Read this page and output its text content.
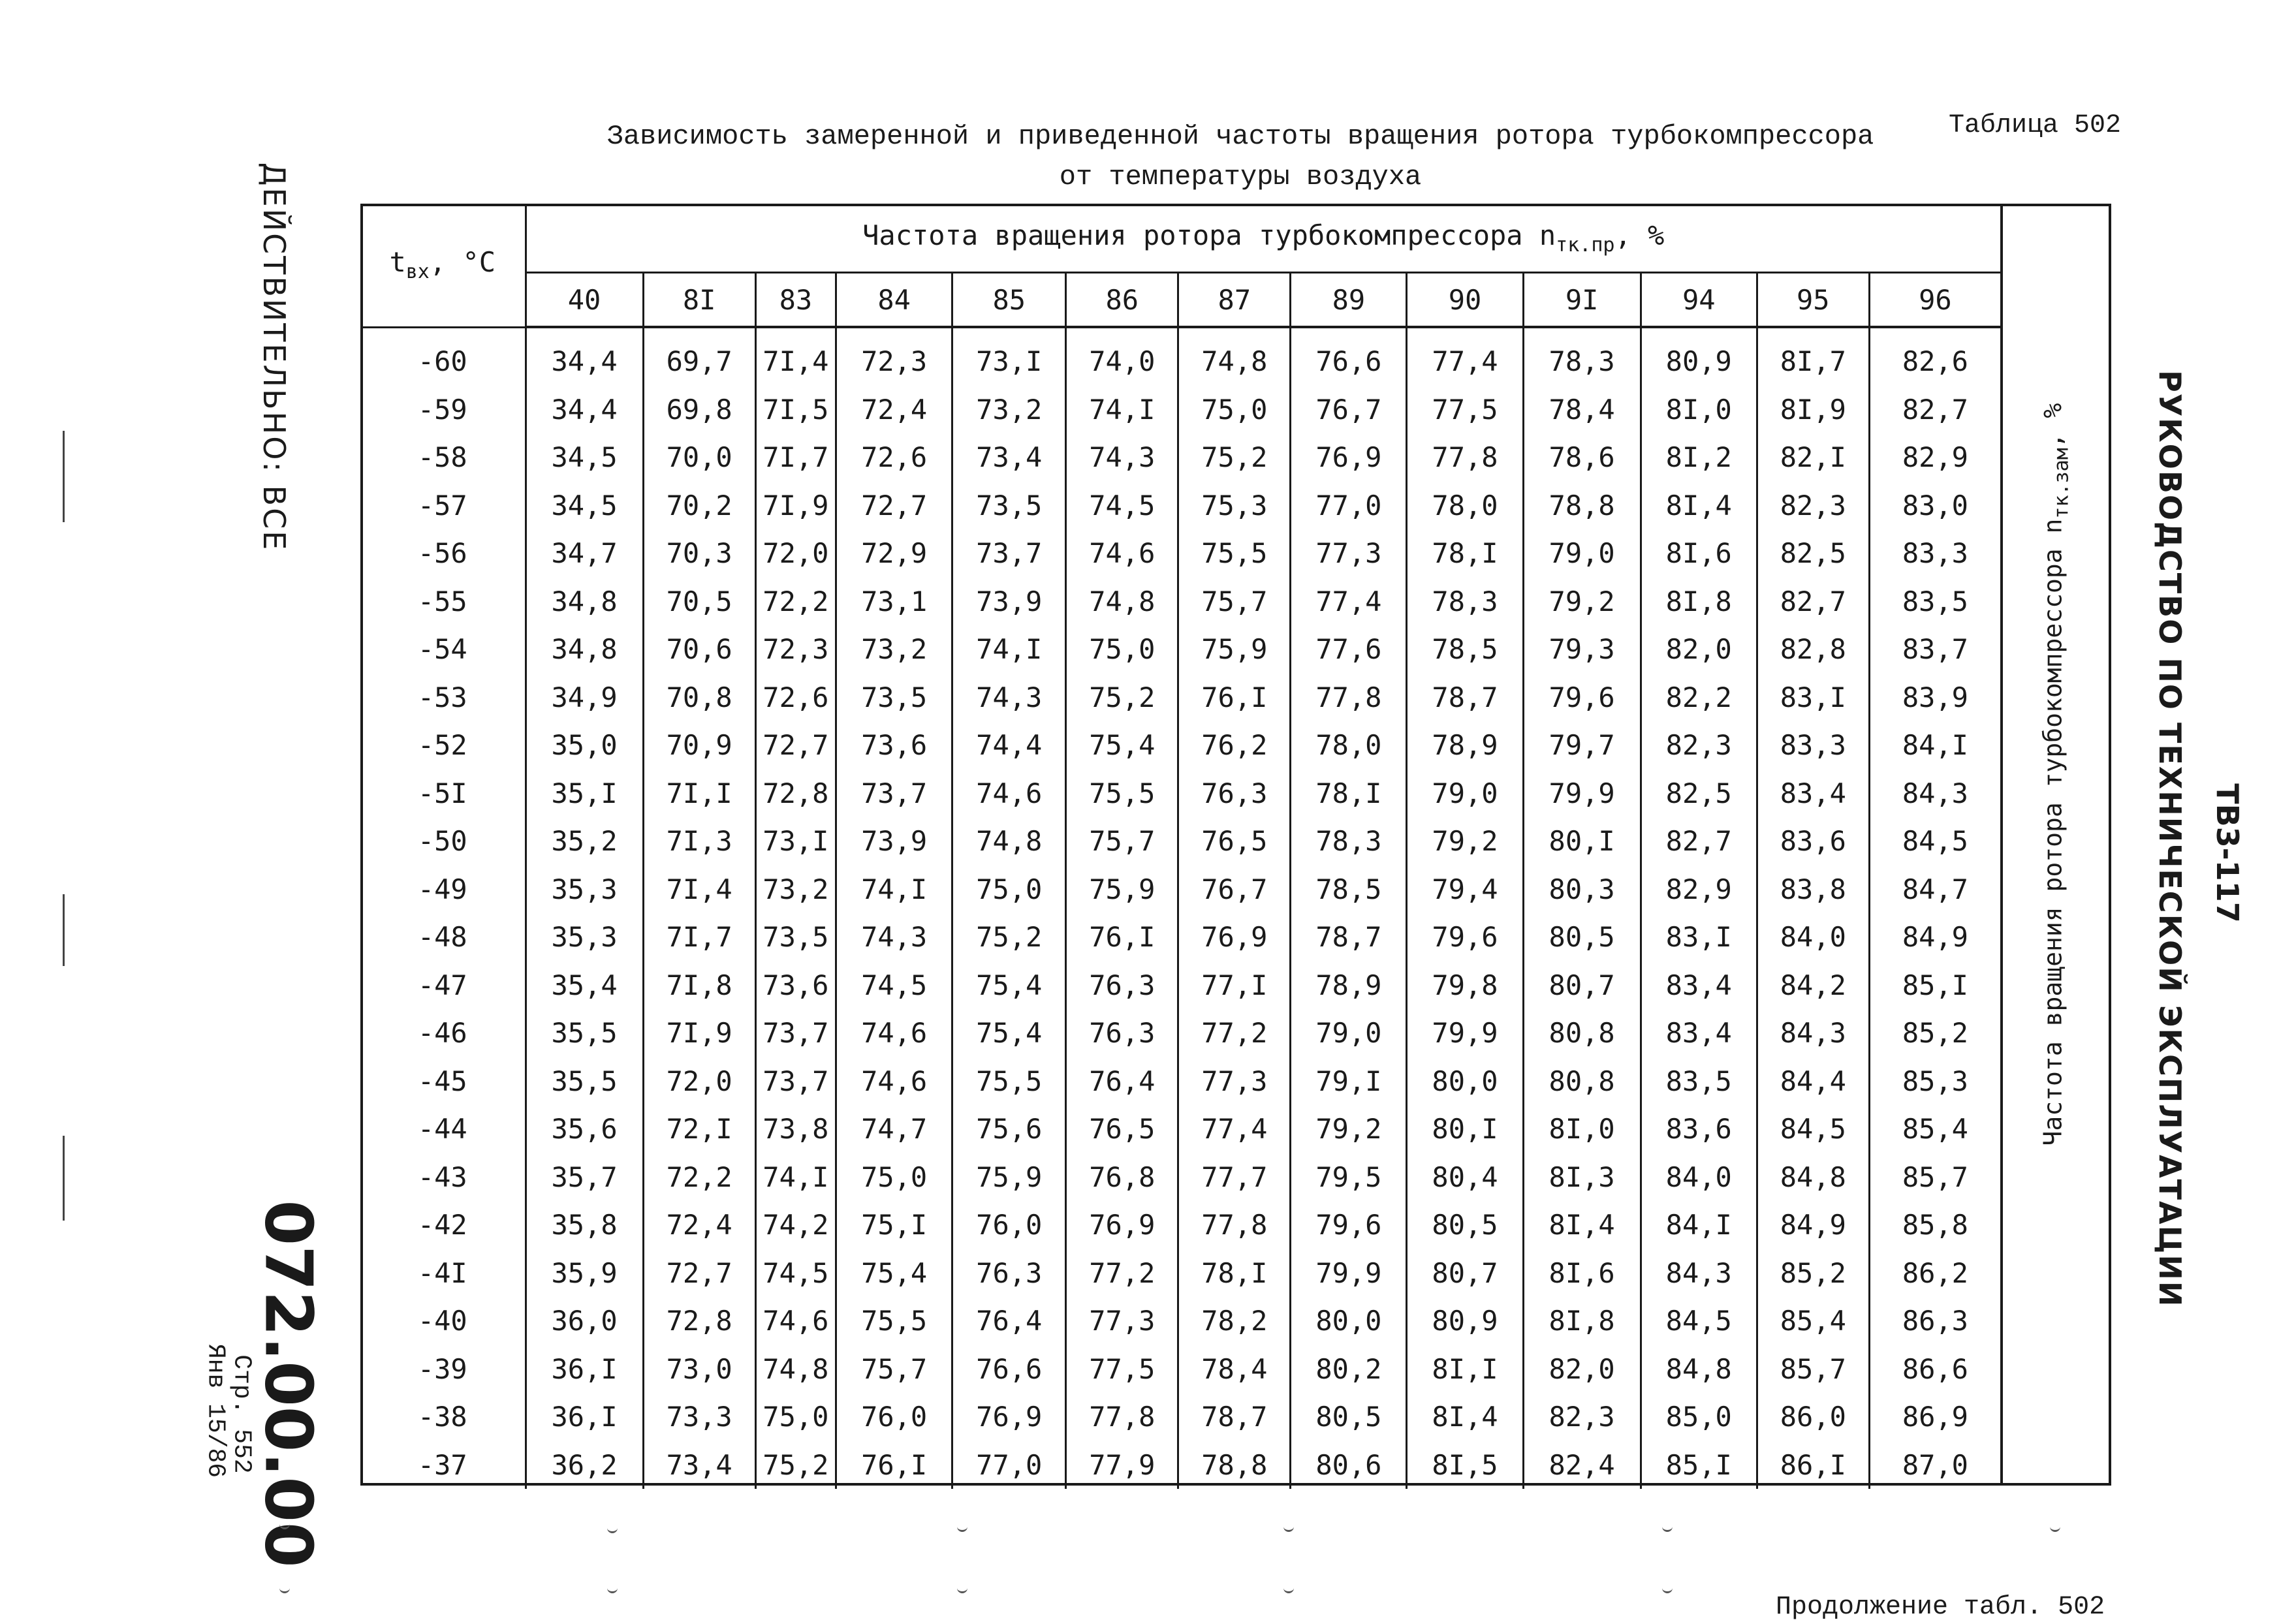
Зависимость замеренной и приведенной частоты вращения ротора турбокомпрессора
от температуры воздуха
Таблица 502
$t_{вх}$, °C	Частота вращения ротора турбокомпрессора $n_{тк.пр}$, %												
	40	8I	83	84	85	86	87	89	90	9I	94	95	96

-60	34,4	69,7	7I,4	72,3	73,I	74,0	74,8	76,6	77,4	78,3	80,9	8I,7	82,6
-59	34,4	69,8	7I,5	72,4	73,2	74,I	75,0	76,7	77,5	78,4	8I,0	8I,9	82,7
-58	34,5	70,0	7I,7	72,6	73,4	74,3	75,2	76,9	77,8	78,6	8I,2	82,I	82,9
-57	34,5	70,2	7I,9	72,7	73,5	74,5	75,3	77,0	78,0	78,8	8I,4	82,3	83,0
-56	34,7	70,3	72,0	72,9	73,7	74,6	75,5	77,3	78,I	79,0	8I,6	82,5	83,3
-55	34,8	70,5	72,2	73,1	73,9	74,8	75,7	77,4	78,3	79,2	8I,8	82,7	83,5
-54	34,8	70,6	72,3	73,2	74,I	75,0	75,9	77,6	78,5	79,3	82,0	82,8	83,7
-53	34,9	70,8	72,6	73,5	74,3	75,2	76,I	77,8	78,7	79,6	82,2	83,I	83,9
-52	35,0	70,9	72,7	73,6	74,4	75,4	76,2	78,0	78,9	79,7	82,3	83,3	84,I
-5I	35,I	7I,I	72,8	73,7	74,6	75,5	76,3	78,I	79,0	79,9	82,5	83,4	84,3
-50	35,2	7I,3	73,I	73,9	74,8	75,7	76,5	78,3	79,2	80,I	82,7	83,6	84,5
-49	35,3	7I,4	73,2	74,I	75,0	75,9	76,7	78,5	79,4	80,3	82,9	83,8	84,7
-48	35,3	7I,7	73,5	74,3	75,2	76,I	76,9	78,7	79,6	80,5	83,I	84,0	84,9
-47	35,4	7I,8	73,6	74,5	75,4	76,3	77,I	78,9	79,8	80,7	83,4	84,2	85,I
-46	35,5	7I,9	73,7	74,6	75,4	76,3	77,2	79,0	79,9	80,8	83,4	84,3	85,2
-45	35,5	72,0	73,7	74,6	75,5	76,4	77,3	79,I	80,0	80,8	83,5	84,4	85,3
-44	35,6	72,I	73,8	74,7	75,6	76,5	77,4	79,2	80,I	8I,0	83,6	84,5	85,4
-43	35,7	72,2	74,I	75,0	75,9	76,8	77,7	79,5	80,4	8I,3	84,0	84,8	85,7
-42	35,8	72,4	74,2	75,I	76,0	76,9	77,8	79,6	80,5	8I,4	84,I	84,9	85,8
-4I	35,9	72,7	74,5	75,4	76,3	77,2	78,I	79,9	80,7	8I,6	84,3	85,2	86,2
-40	36,0	72,8	74,6	75,5	76,4	77,3	78,2	80,0	80,9	8I,8	84,5	85,4	86,3
-39	36,I	73,0	74,8	75,7	76,6	77,5	78,4	80,2	8I,I	82,0	84,8	85,7	86,6
-38	36,I	73,3	75,0	76,0	76,9	77,8	78,7	80,5	8I,4	82,3	85,0	86,0	86,9
-37	36,2	73,4	75,2	76,I	77,0	77,9	78,8	80,6	8I,5	82,4	85,I	86,I	87,0
Частота вращения ротора турбокомпрессора $n_{тк.зам}$, %
ТВ3-117
РУКОВОДСТВО ПО ТЕХНИЧЕСКОЙ ЭКСПЛУАТАЦИИ
ДЕЙСТВИТЕЛЬНО: ВСЕ
072.00.00
Стр. 552
Янв 15/86
Продолжение табл. 502
